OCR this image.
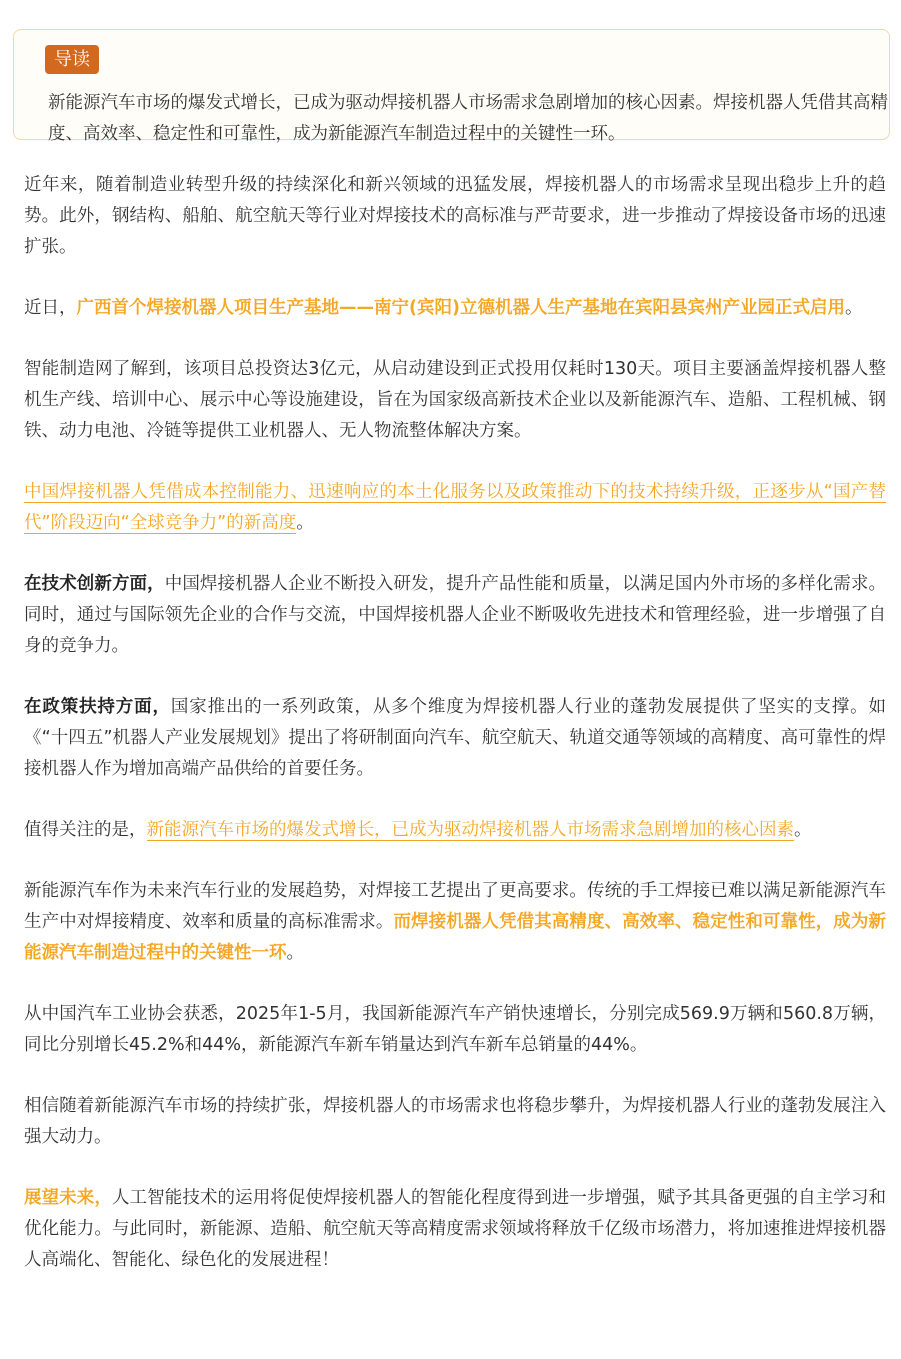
导读

新能源汽车市场的爆发式增长，已成为驱动焊接机器人市场需求急剧增加的核心因素。焊接机器人凭借其高精度、高效率、稳定性和可靠性，成为新能源汽车制造过程中的关键性一环。

近年来，随着制造业转型升级的持续深化和新兴领域的迅猛发展，焊接机器人的市场需求呈现出稳步上升的趋势。此外，钢结构、船舶、航空航天等行业对焊接技术的高标准与严苛要求，进一步推动了焊接设备市场的迅速扩张。

近日，广西首个焊接机器人项目生产基地——南宁(宾阳)立德机器人生产基地在宾阳县宾州产业园正式启用。

智能制造网了解到，该项目总投资达3亿元，从启动建设到正式投用仅耗时130天。项目主要涵盖焊接机器人整机生产线、培训中心、展示中心等设施建设，旨在为国家级高新技术企业以及新能源汽车、造船、工程机械、钢铁、动力电池、冷链等提供工业机器人、无人物流整体解决方案。

中国焊接机器人凭借成本控制能力、迅速响应的本土化服务以及政策推动下的技术持续升级，正逐步从“国产替代”阶段迈向“全球竞争力”的新高度。

在技术创新方面，中国焊接机器人企业不断投入研发，提升产品性能和质量，以满足国内外市场的多样化需求。同时，通过与国际领先企业的合作与交流，中国焊接机器人企业不断吸收先进技术和管理经验，进一步增强了自身的竞争力。

在政策扶持方面，国家推出的一系列政策，从多个维度为焊接机器人行业的蓬勃发展提供了坚实的支撑。如《“十四五”机器人产业发展规划》提出了将研制面向汽车、航空航天、轨道交通等领域的高精度、高可靠性的焊接机器人作为增加高端产品供给的首要任务。

值得关注的是，新能源汽车市场的爆发式增长，已成为驱动焊接机器人市场需求急剧增加的核心因素。

新能源汽车作为未来汽车行业的发展趋势，对焊接工艺提出了更高要求。传统的手工焊接已难以满足新能源汽车生产中对焊接精度、效率和质量的高标准需求。而焊接机器人凭借其高精度、高效率、稳定性和可靠性，成为新能源汽车制造过程中的关键性一环。

从中国汽车工业协会获悉，2025年1-5月，我国新能源汽车产销快速增长，分别完成569.9万辆和560.8万辆，同比分别增长45.2%和44%，新能源汽车新车销量达到汽车新车总销量的44%。

相信随着新能源汽车市场的持续扩张，焊接机器人的市场需求也将稳步攀升，为焊接机器人行业的蓬勃发展注入强大动力。

展望未来，人工智能技术的运用将促使焊接机器人的智能化程度得到进一步增强，赋予其具备更强的自主学习和优化能力。与此同时，新能源、造船、航空航天等高精度需求领域将释放千亿级市场潜力，将加速推进焊接机器人高端化、智能化、绿色化的发展进程！
